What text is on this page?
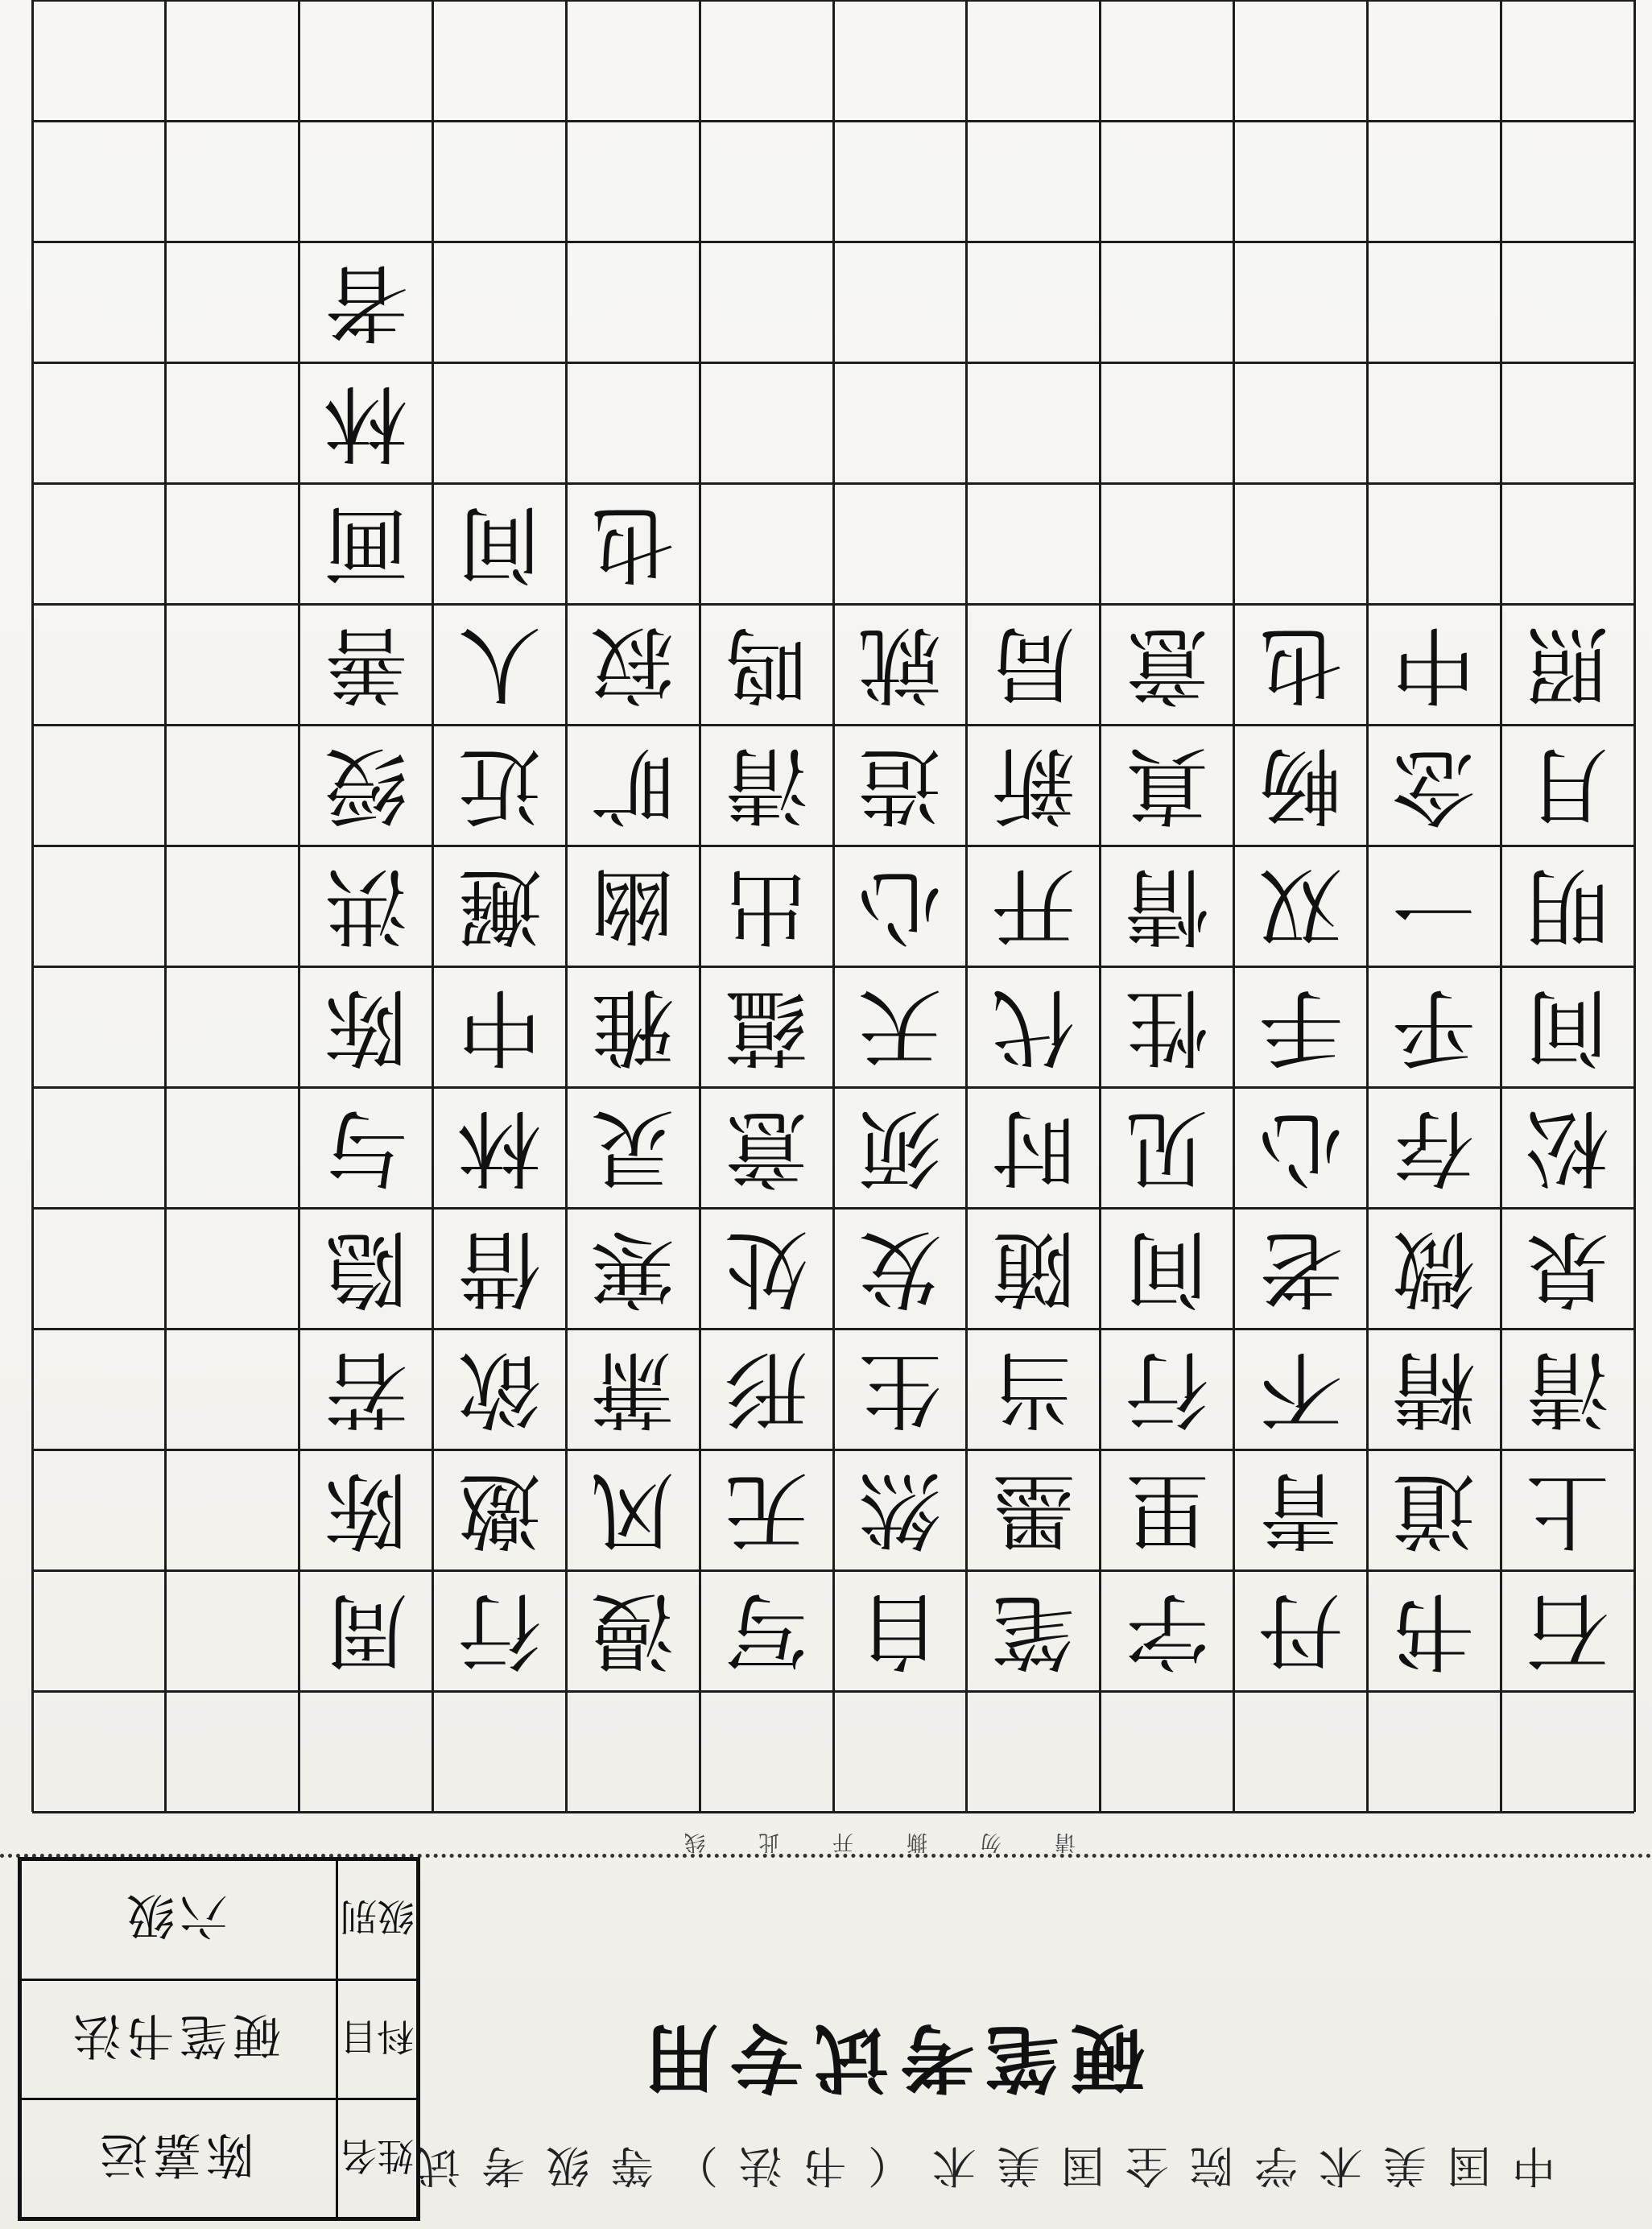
周
陈
若
隐
与
陈
洪
绶
善
画
林
者
行
邀
欲
借
林
中
邂
近
人
间
漫
风
萧
寒
灵
雅
幽
旷
寂
也
写
无
形
处
意
蕴
出
清
鸣
自
然
生
发
须
天
心
造
就
笔
墨
当
随
时
代
开
新
局
字
里
行
间
见
性
情
真
意
丹
青
不
老
心
手
双
畅
也
书
道
精
微
存
乎
一
念
中
石
上
清
泉
松
间
明
月
照
请勿撕开此线
中国美术学院全国美术（书法）等级考试
硬笔考试专用
姓名
陈嘉运
科目
硬笔书法
级别
六级
